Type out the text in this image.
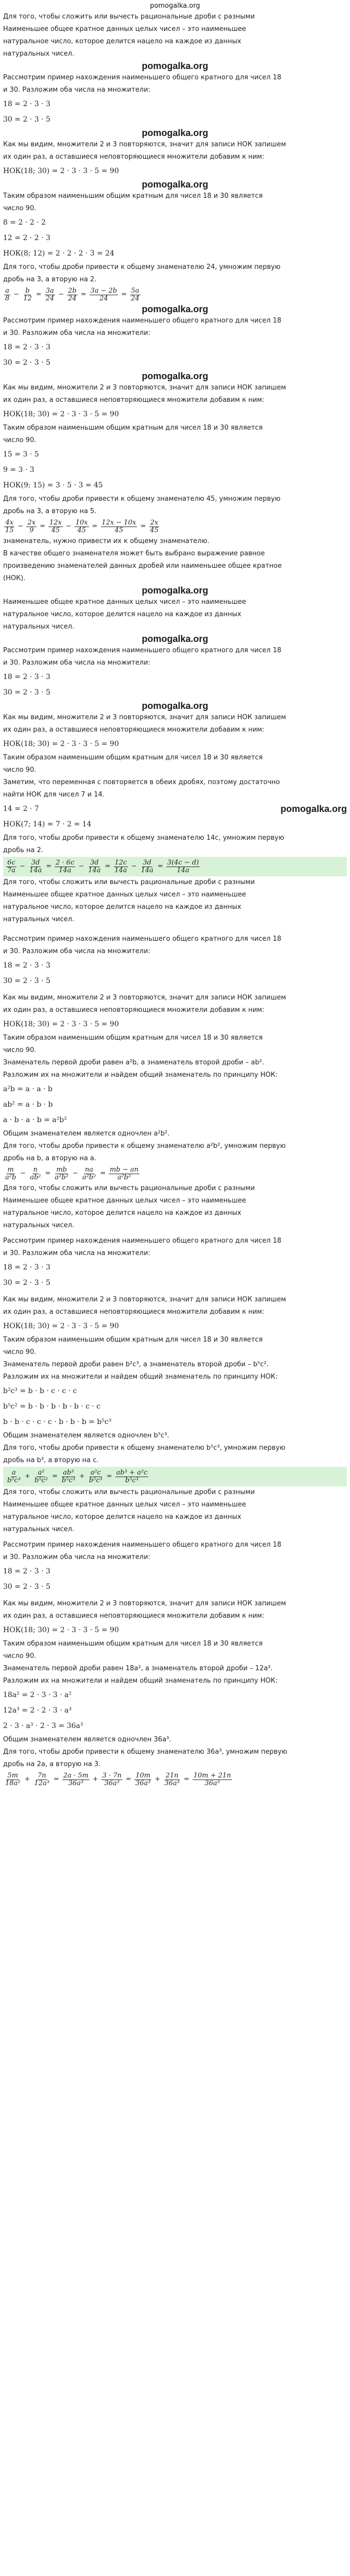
pomogalka.org

Для того, чтобы сложить или вычесть рациональные дроби с разными

Наименьшее общее кратное данных целых чисел – это наименьшее

натуральное число, которое делится нацело на каждое из данных

натуральных чисел.

pomogalka.org

Рассмотрим пример нахождения наименьшего общего кратного для чисел 18

и 30. Разложим оба числа на множители:

18 = 2 · 3 · 3

30 = 2 · 3 · 5

pomogalka.org

Как мы видим, множители 2 и 3 повторяются, значит для записи НОК запишем

их один раз, а оставшиеся неповторяющиеся множители добавим к ним:

НОК(18; 30) = 2 · 3 · 3 · 5 = 90

pomogalka.org

Таким образом наименьшим общим кратным для чисел 18 и 30 является

число 90.

8 = 2 · 2 · 2

12 = 2 · 2 · 3

НОК(8; 12) = 2 · 2 · 2 · 3 = 24

Для того, чтобы дроби привести к общему знаменателю 24, умножим первую

дробь на 3, а вторую на 2.

$\frac{a}{8} - \frac{b}{12} = \frac{3a}{24} - \frac{2b}{24} = \frac{3a - 2b}{24} = \frac{5a}{24}$

pomogalka.org

Рассмотрим пример нахождения наименьшего общего кратного для чисел 18

и 30. Разложим оба числа на множители:

18 = 2 · 3 · 3

30 = 2 · 3 · 5

pomogalka.org

Как мы видим, множители 2 и 3 повторяются, значит для записи НОК запишем

их один раз, а оставшиеся неповторяющиеся множители добавим к ним:

НОК(18; 30) = 2 · 3 · 3 · 5 = 90

Таким образом наименьшим общим кратным для чисел 18 и 30 является

число 90.

15 = 3 · 5

9 = 3 · 3

НОК(9; 15) = 3 · 5 · 3 = 45

Для того, чтобы дроби привести к общему знаменателю 45, умножим первую

дробь на 3, а вторую на 5.

$\frac{4x}{15} - \frac{2x}{9} = \frac{12x}{45} - \frac{10x}{45} = \frac{12x - 10x}{45} = \frac{2x}{45}$

знаменатель, нужно привести их к общему знаменателю.

В качестве общего знаменателя может быть выбрано выражение равное

произведению знаменателей данных дробей или наименьшее общее кратное

(НОК).

pomogalka.org

Наименьшее общее кратное данных целых чисел – это наименьшее

натуральное число, которое делится нацело на каждое из данных

натуральных чисел.

pomogalka.org

Рассмотрим пример нахождения наименьшего общего кратного для чисел 18

и 30. Разложим оба числа на множители:

18 = 2 · 3 · 3

30 = 2 · 3 · 5

pomogalka.org

Как мы видим, множители 2 и 3 повторяются, значит для записи НОК запишем

их один раз, а оставшиеся неповторяющиеся множители добавим к ним:

НОК(18; 30) = 2 · 3 · 3 · 5 = 90

Таким образом наименьшим общим кратным для чисел 18 и 30 является

число 90.

Заметим, что переменная c повторяется в обеих дробях, поэтому достаточно

найти НОК для чисел 7 и 14.

14 = 2 · 7	pomogalka.org

НОК(7; 14) = 7 · 2 = 14

Для того, чтобы дроби привести к общему знаменателю 14c, умножим первую

дробь на 2.

$\frac{6c}{7a} - \frac{3d}{14a} = \frac{2 \cdot 6c}{14a} - \frac{3d}{14a} = \frac{12c}{14a} - \frac{3d}{14a} = \frac{3(4c - d)}{14a}$

Для того, чтобы сложить или вычесть рациональные дроби с разными

Наименьшее общее кратное данных целых чисел – это наименьшее

натуральное число, которое делится нацело на каждое из данных

натуральных чисел.

Рассмотрим пример нахождения наименьшего общего кратного для чисел 18

и 30. Разложим оба числа на множители:

18 = 2 · 3 · 3

30 = 2 · 3 · 5

Как мы видим, множители 2 и 3 повторяются, значит для записи НОК запишем

их один раз, а оставшиеся неповторяющиеся множители добавим к ним:

НОК(18; 30) = 2 · 3 · 3 · 5 = 90

Таким образом наименьшим общим кратным для чисел 18 и 30 является

число 90.

Знаменатель первой дроби равен a²b, а знаменатель второй дроби – ab².

Разложим их на множители и найдем общий знаменатель по принципу НОК:

a²b = a · a · b

ab² = a · b · b

a · b · a · b = a²b²

Общим знаменателем является одночлен a²b².

Для того, чтобы дроби привести к общему знаменателю a²b², умножим первую

дробь на b, а вторую на a.

$\frac{m}{\text{a²b}} - \frac{n}{\text{ab²}} = \frac{mb}{\text{a²b²}} - \frac{na}{\text{a²b²}} = \frac{mb - an}{\text{a²b²}}$

Для того, чтобы сложить или вычесть рациональные дроби с разными

Наименьшее общее кратное данных целых чисел – это наименьшее

натуральное число, которое делится нацело на каждое из данных

натуральных чисел.

Рассмотрим пример нахождения наименьшего общего кратного для чисел 18

и 30. Разложим оба числа на множители:

18 = 2 · 3 · 3

30 = 2 · 3 · 5

Как мы видим, множители 2 и 3 повторяются, значит для записи НОК запишем

их один раз, а оставшиеся неповторяющиеся множители добавим к ним:

НОК(18; 30) = 2 · 3 · 3 · 5 = 90

Таким образом наименьшим общим кратным для чисел 18 и 30 является

число 90.

Знаменатель первой дроби равен b²c³, а знаменатель второй дроби – b⁵c².

Разложим их на множители и найдем общий знаменатель по принципу НОК:

b²c³ = b · b · c · c · c

b⁵c² = b · b · b · b · b · c · c

b · b · c · c · c · b · b · b = b⁵c³

Общим знаменателем является одночлен b⁵c³.

Для того, чтобы дроби привести к общему знаменателю b⁵c³, умножим первую

дробь на b³, а вторую на c.

$\frac{a}{\text{b²c³}} + \frac{\text{a²}}{\text{b⁵c²}} = \frac{\text{ab³}}{\text{b⁵c³}} + \frac{\text{a²c}}{\text{b⁵c³}} = \frac{\text{ab³ + a²c}}{\text{b⁵c³}}$

Для того, чтобы сложить или вычесть рациональные дроби с разными

Наименьшее общее кратное данных целых чисел – это наименьшее

натуральное число, которое делится нацело на каждое из данных

натуральных чисел.

Рассмотрим пример нахождения наименьшего общего кратного для чисел 18

и 30. Разложим оба числа на множители:

18 = 2 · 3 · 3

30 = 2 · 3 · 5

Как мы видим, множители 2 и 3 повторяются, значит для записи НОК запишем

их один раз, а оставшиеся неповторяющиеся множители добавим к ним:

НОК(18; 30) = 2 · 3 · 3 · 5 = 90

Таким образом наименьшим общим кратным для чисел 18 и 30 является

число 90.

Знаменатель первой дроби равен 18a², а знаменатель второй дроби – 12a³.

Разложим их на множители и найдем общий знаменатель по принципу НОК:

18a² = 2 · 3 · 3 · a²

12a³ = 2 · 2 · 3 · a³

2 · 3 · a³ · 2 · 3 = 36a³

Общим знаменателем является одночлен 36a³.

Для того, чтобы дроби привести к общему знаменателю 36a³, умножим первую

дробь на 2a, а вторую на 3.

$\frac{5m}{\text{18a²}} + \frac{7n}{\text{12a³}} = \frac{2a \cdot 5m}{\text{36a³}} + \frac{3 \cdot 7n}{\text{36a³}} = \frac{10m}{\text{36a³}} + \frac{21n}{\text{36a³}} = \frac{10m + 21n}{\text{36a³}}$
